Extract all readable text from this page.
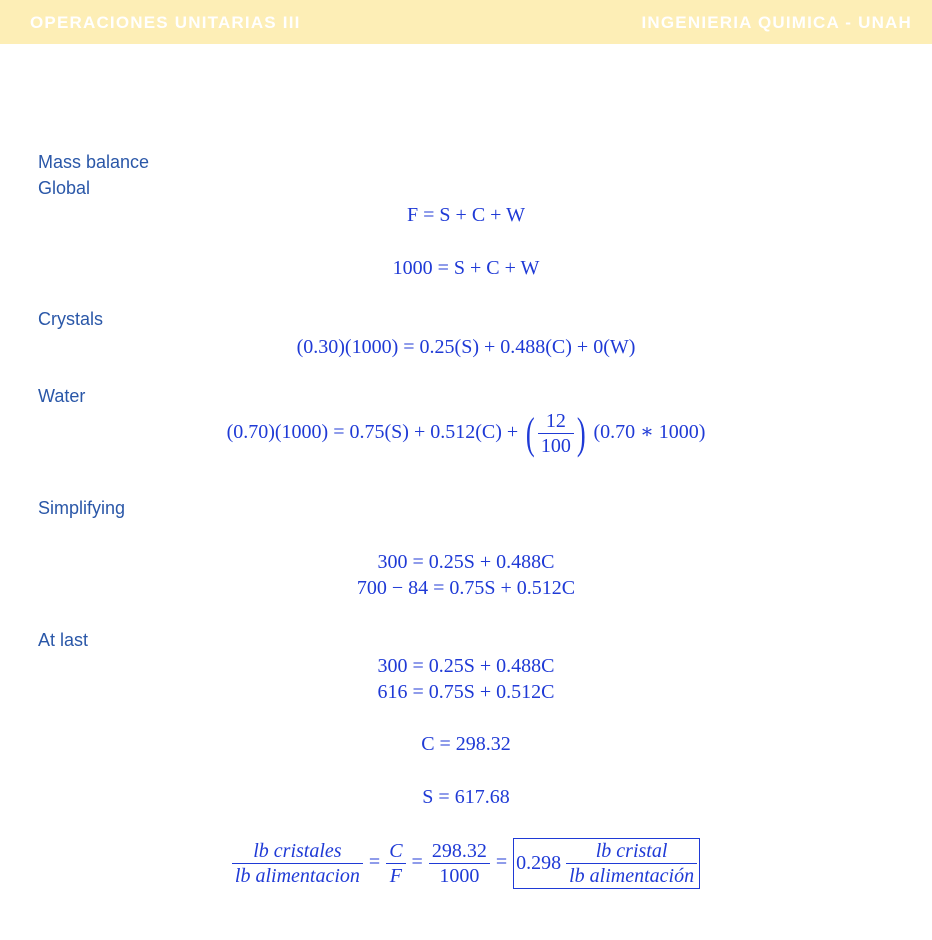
OPERACIONES UNITARIAS III	INGENIERIA QUIMICA - UNAH
Mass balance
Global
F = S + C + W
1000 = S + C + W
Crystals
(0.30)(1000) = 0.25(S) + 0.488(C) + 0(W)
Water
(0.70)(1000) = 0.75(S) + 0.512(C) + ( $\frac{12}{100}$ ) (0.70 ∗ 1000)
Simplifying
300 = 0.25S + 0.488C
700 − 84 = 0.75S + 0.512C
At last
300 = 0.25S + 0.488C
616 = 0.75S + 0.512C
C = 298.32
S = 617.68
$\frac{\text{lb cristales}}{\text{lb alimentacion}} = \frac{C}{F} = \frac{298.32}{1000} = 0.298 \frac{\text{lb cristal}}{\text{lb alimentación}}$
